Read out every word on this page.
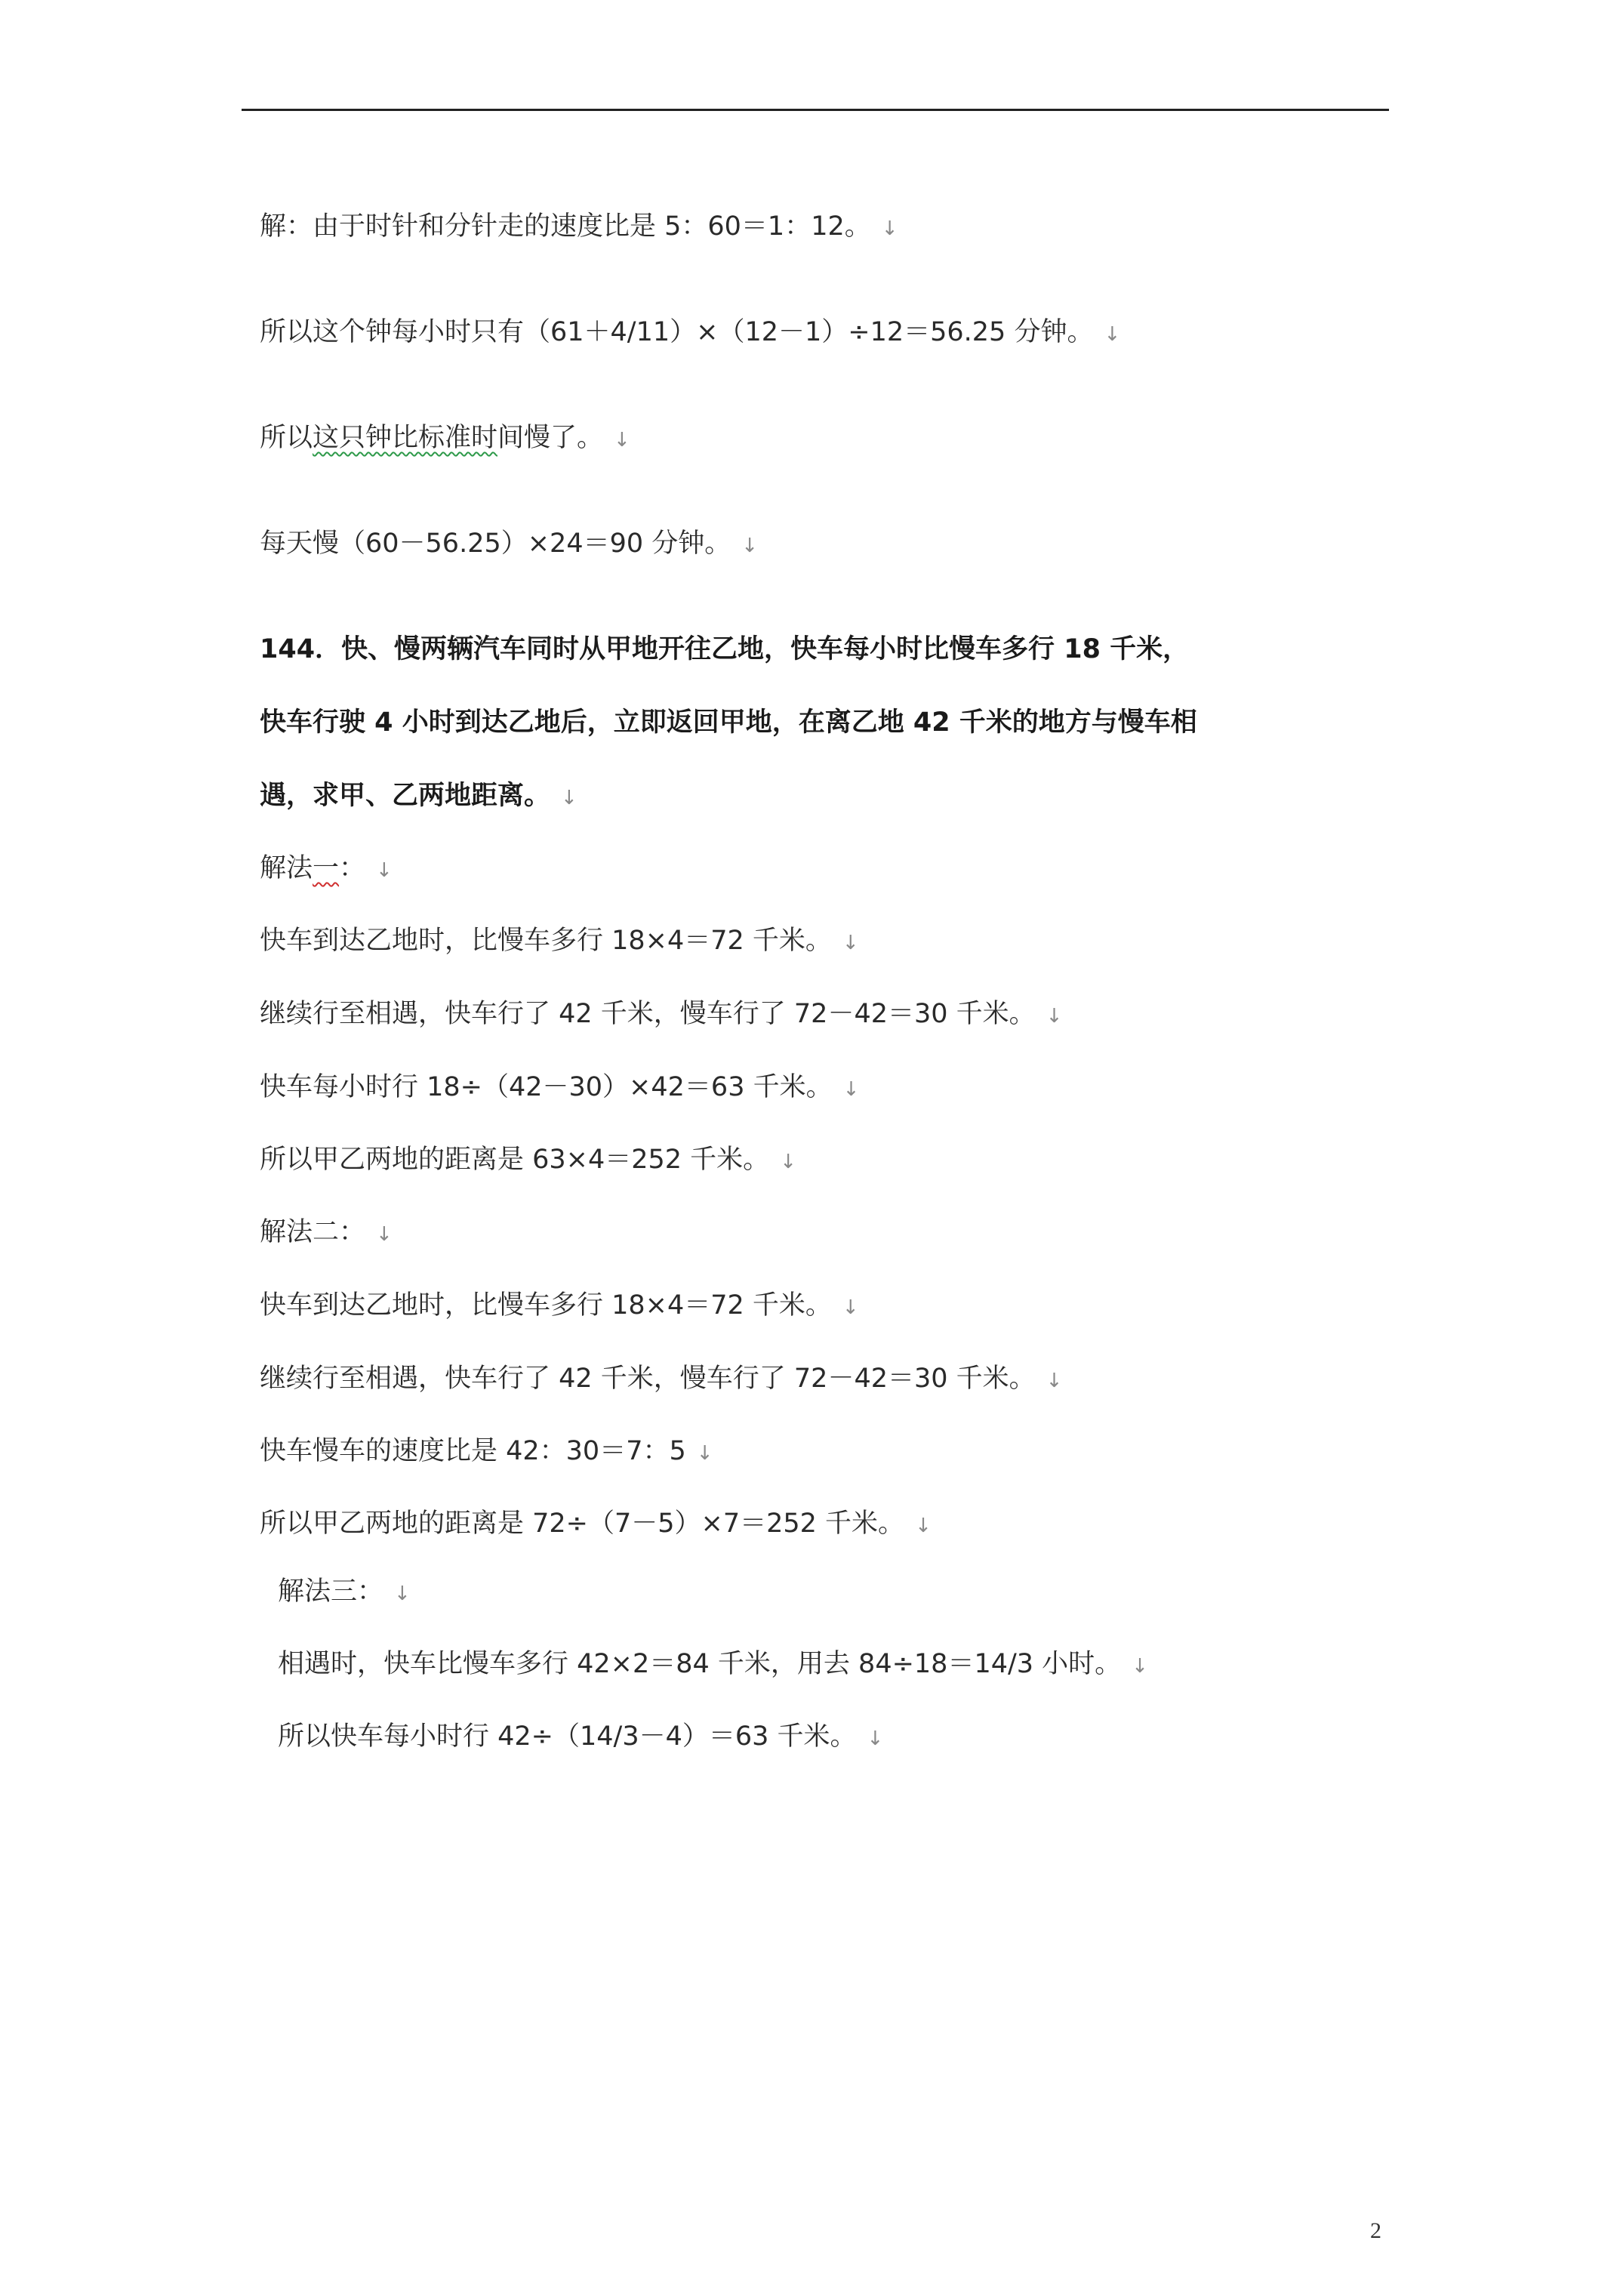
解：由于时针和分针走的速度比是 5：60＝1：12。 ↓
所以这个钟每小时只有（61＋4/11）×（12－1）÷12＝56.25 分钟。 ↓
所以这只钟比标准时间慢了。 ↓
每天慢（60－56.25）×24＝90 分钟。 ↓
144．快、慢两辆汽车同时从甲地开往乙地，快车每小时比慢车多行 18 千米，
快车行驶 4 小时到达乙地后，立即返回甲地，在离乙地 42 千米的地方与慢车相
遇，求甲、乙两地距离。 ↓
解法一： ↓
快车到达乙地时，比慢车多行 18×4＝72 千米。 ↓
继续行至相遇，快车行了 42 千米，慢车行了 72－42＝30 千米。 ↓
快车每小时行 18÷（42－30）×42＝63 千米。 ↓
所以甲乙两地的距离是 63×4＝252 千米。 ↓
解法二： ↓
快车到达乙地时，比慢车多行 18×4＝72 千米。 ↓
继续行至相遇，快车行了 42 千米，慢车行了 72－42＝30 千米。 ↓
快车慢车的速度比是 42：30＝7：5 ↓
所以甲乙两地的距离是 72÷（7－5）×7＝252 千米。 ↓
解法三： ↓
相遇时，快车比慢车多行 42×2＝84 千米，用去 84÷18＝14/3 小时。 ↓
所以快车每小时行 42÷（14/3－4）＝63 千米。 ↓
2
